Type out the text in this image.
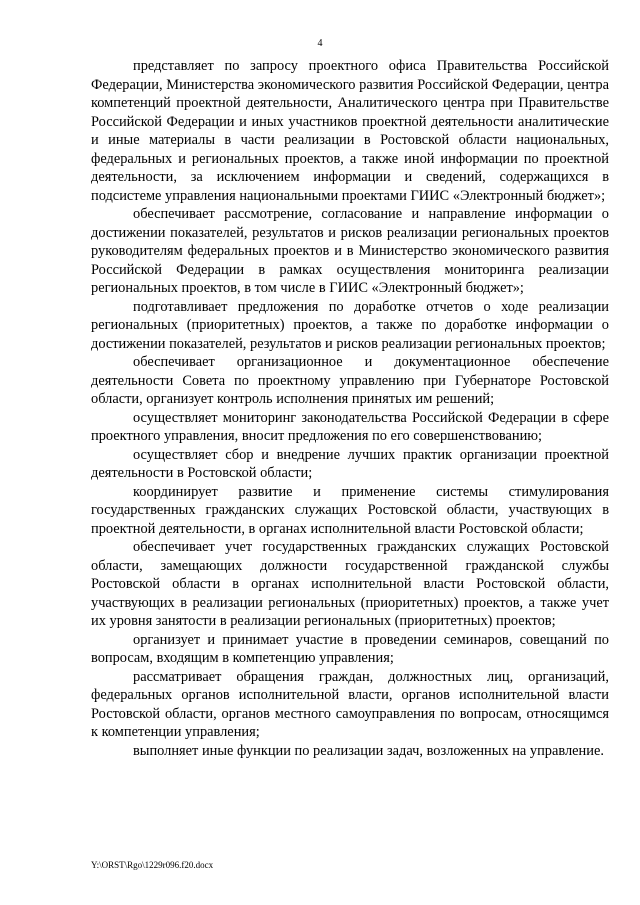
4

представляет по запросу проектного офиса Правительства Российской Федерации, Министерства экономического развития Российской Федерации, центра компетенций проектной деятельности, Аналитического центра при Правительстве Российской Федерации и иных участников проектной деятельности аналитические и иные материалы в части реализации в Ростовской области национальных, федеральных и региональных проектов, а также иной информации по проектной деятельности, за исключением информации и сведений, содержащихся в подсистеме управления национальными проектами ГИИС «Электронный бюджет»;

обеспечивает рассмотрение, согласование и направление информации о достижении показателей, результатов и рисков реализации региональных проектов руководителям федеральных проектов и в Министерство экономического развития Российской Федерации в рамках осуществления мониторинга реализации региональных проектов, в том числе в ГИИС «Электронный бюджет»;

подготавливает предложения по доработке отчетов о ходе реализации региональных (приоритетных) проектов, а также по доработке информации о достижении показателей, результатов и рисков реализации региональных проектов;

обеспечивает организационное и документационное обеспечение деятельности Совета по проектному управлению при Губернаторе Ростовской области, организует контроль исполнения принятых им решений;

осуществляет мониторинг законодательства Российской Федерации в сфере проектного управления, вносит предложения по его совершенствованию;

осуществляет сбор и внедрение лучших практик организации проектной деятельности в Ростовской области;

координирует развитие и применение системы стимулирования государственных гражданских служащих Ростовской области, участвующих в проектной деятельности, в органах исполнительной власти Ростовской области;

обеспечивает учет государственных гражданских служащих Ростовской области, замещающих должности государственной гражданской службы Ростовской области в органах исполнительной власти Ростовской области, участвующих в реализации региональных (приоритетных) проектов, а также учет их уровня занятости в реализации региональных (приоритетных) проектов;

организует и принимает участие в проведении семинаров, совещаний по вопросам, входящим в компетенцию управления;

рассматривает обращения граждан, должностных лиц, организаций, федеральных органов исполнительной власти, органов исполнительной власти Ростовской области, органов местного самоуправления по вопросам, относящимся к компетенции управления;

выполняет иные функции по реализации задач, возложенных на управление.

Y:\ORST\Rgo\1229r096.f20.docx
